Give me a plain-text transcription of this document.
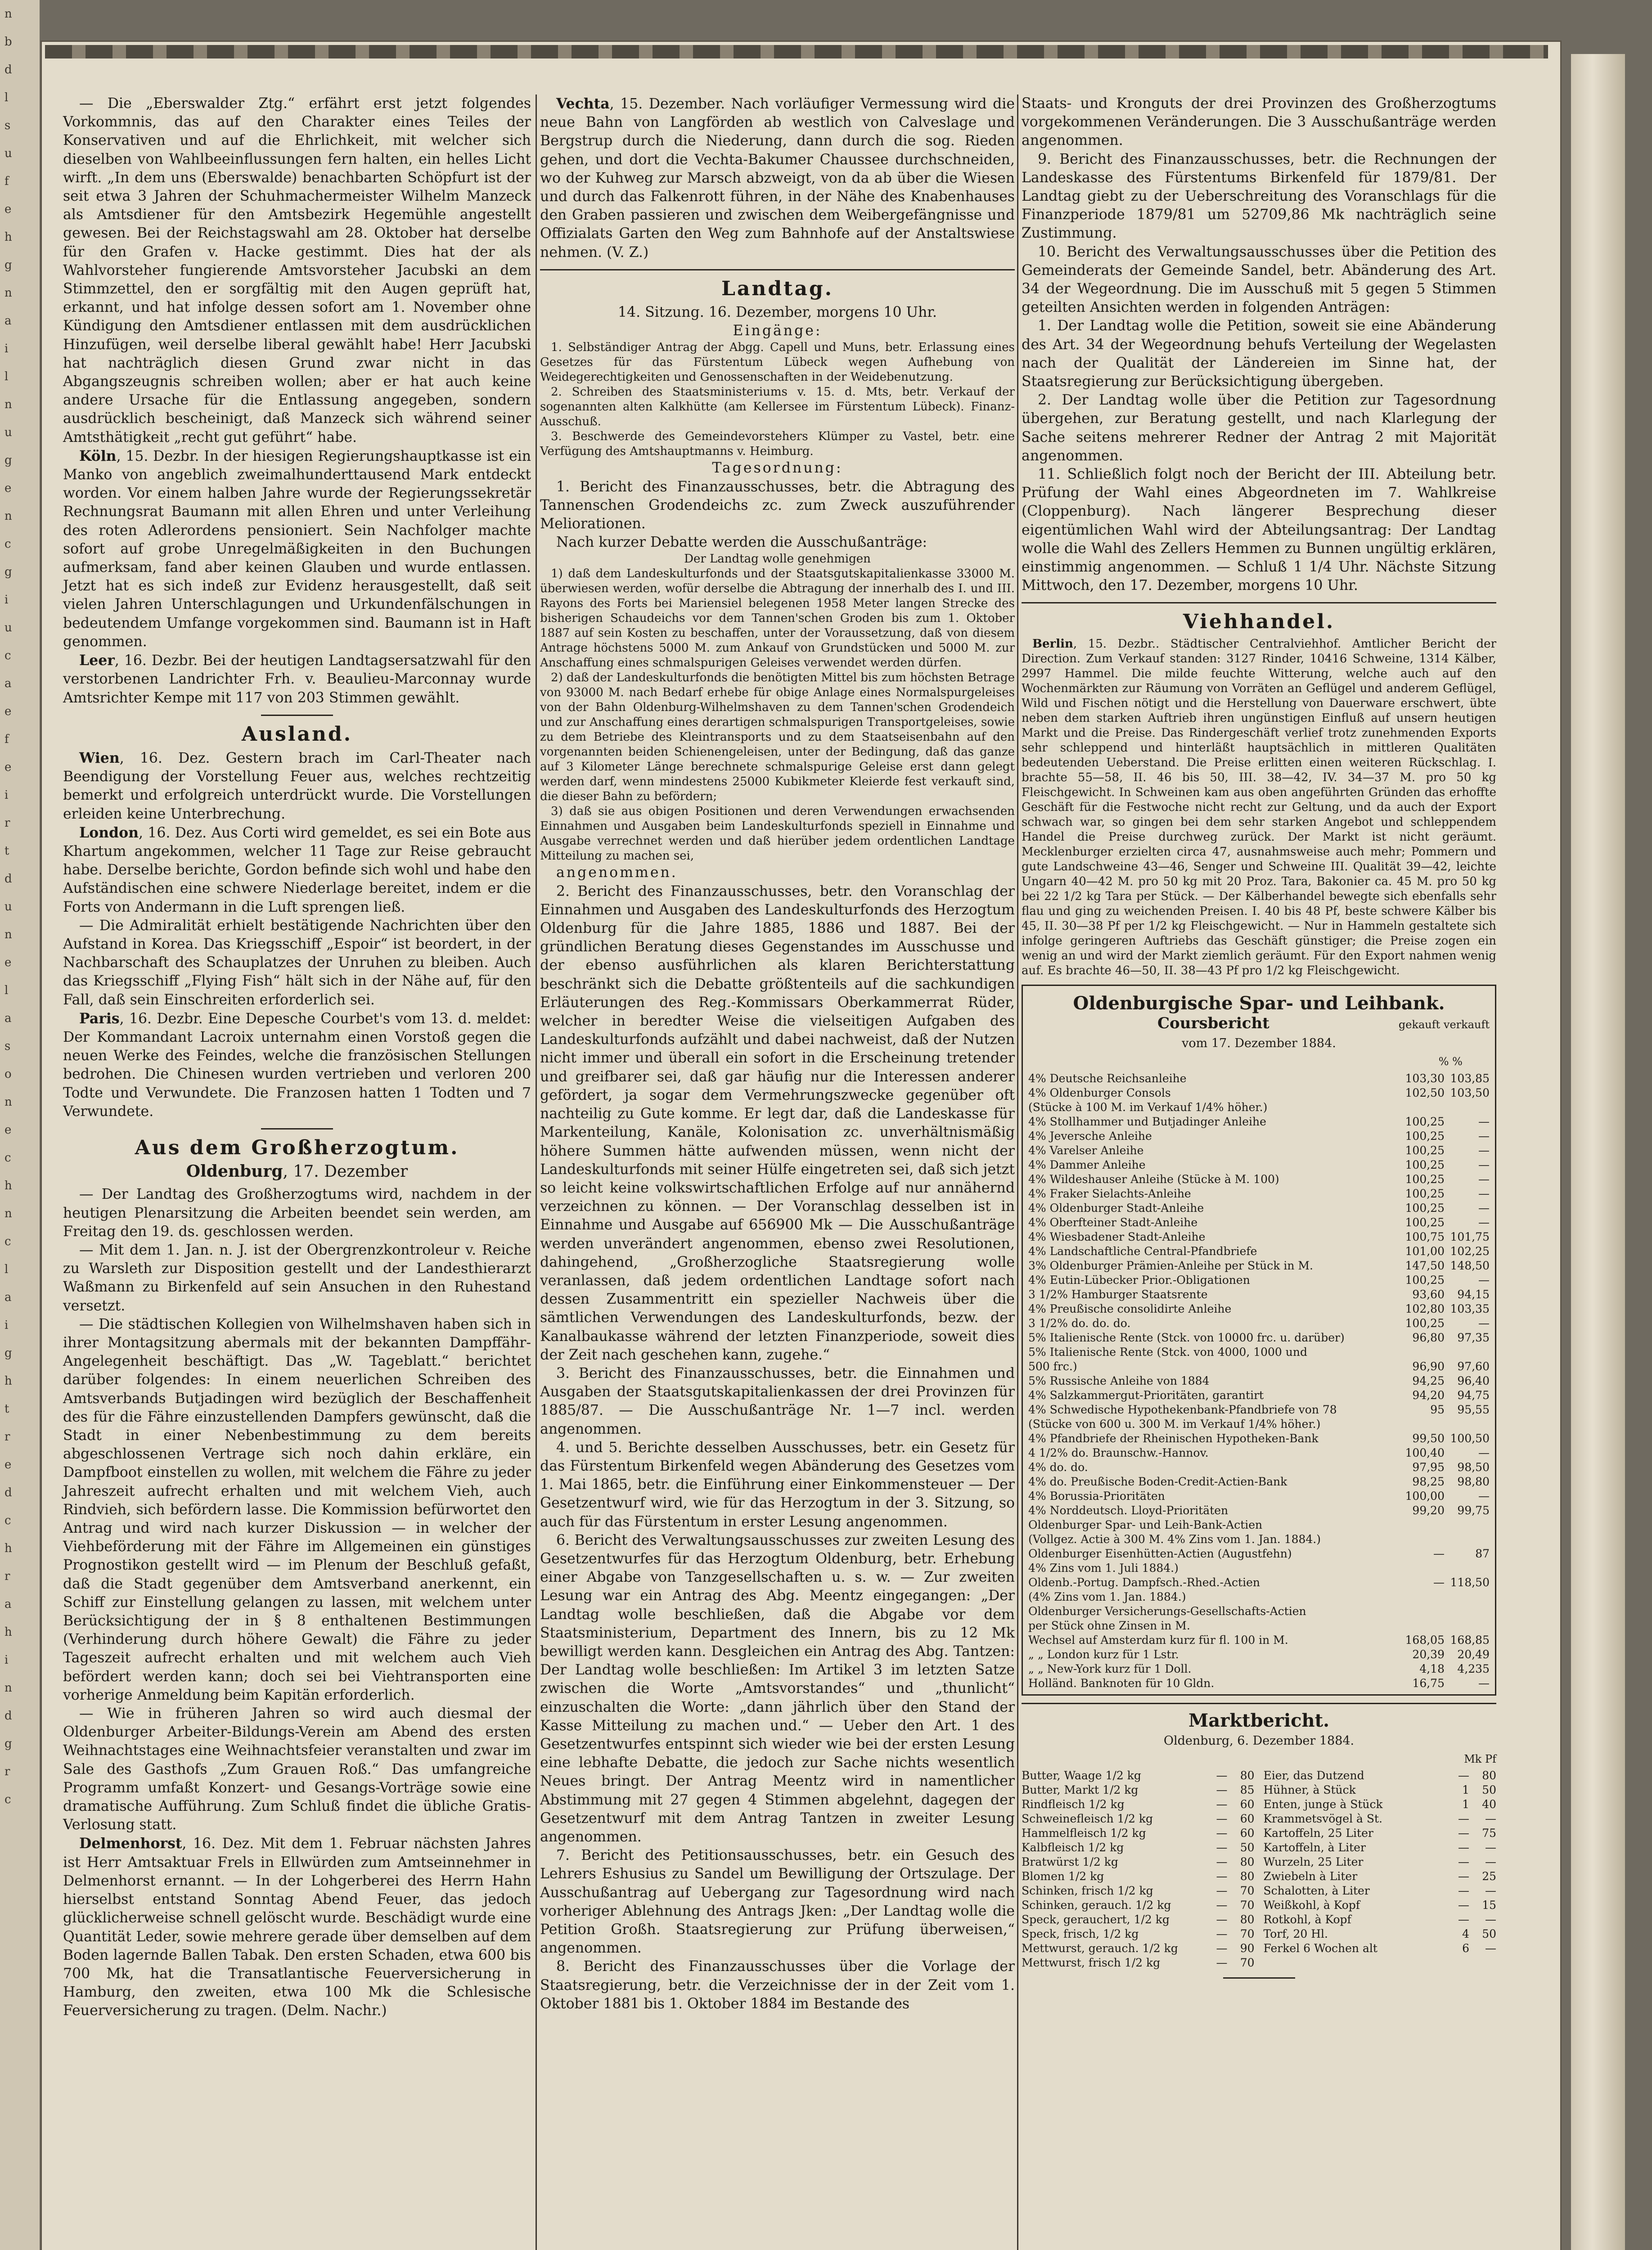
n
b
d
l
s
u
f
e
h
g
n
a
i
l
n
u
g
e
n
c
g
i
u
c
a
e
f
e
i
r
t
d
u
n
e
l
a
s
o
n
e
c
h
n
c
l
a
i
g
h
t
r
e
d
c
h
r
a
h
i
n
d
g
r
c

— Die „Eberswalder Ztg.“ erfährt erst jetzt folgendes Vorkommnis, das auf den Charakter eines Teiles der Konservativen und auf die Ehrlichkeit, mit welcher sich dieselben von Wahlbeeinflussungen fern halten, ein helles Licht wirft. „In dem uns (Eberswalde) benachbarten Schöpfurt ist der seit etwa 3 Jahren der Schuhmachermeister Wilhelm Manzeck als Amtsdiener für den Amtsbezirk Hegemühle angestellt gewesen. Bei der Reichstagswahl am 28. Oktober hat derselbe für den Grafen v. Hacke gestimmt. Dies hat der als Wahlvorsteher fungierende Amtsvorsteher Jacubski an dem Stimmzettel, den er sorgfältig mit den Augen geprüft hat, erkannt, und hat infolge dessen sofort am 1. November ohne Kündigung den Amtsdiener entlassen mit dem ausdrücklichen Hinzufügen, weil derselbe liberal gewählt habe! Herr Jacubski hat nachträglich diesen Grund zwar nicht in das Abgangszeugnis schreiben wollen; aber er hat auch keine andere Ursache für die Entlassung angegeben, sondern ausdrücklich bescheinigt, daß Manzeck sich während seiner Amtsthätigkeit „recht gut geführt“ habe.

Köln, 15. Dezbr. In der hiesigen Regierungshauptkasse ist ein Manko von angeblich zweimalhunderttausend Mark entdeckt worden. Vor einem halben Jahre wurde der Regierungssekretär Rechnungsrat Baumann mit allen Ehren und unter Verleihung des roten Adlerordens pensioniert. Sein Nachfolger machte sofort auf grobe Unregelmäßigkeiten in den Buchungen aufmerksam, fand aber keinen Glauben und wurde entlassen. Jetzt hat es sich indeß zur Evidenz herausgestellt, daß seit vielen Jahren Unterschlagungen und Urkundenfälschungen in bedeutendem Umfange vorgekommen sind. Baumann ist in Haft genommen.

Leer, 16. Dezbr. Bei der heutigen Landtagsersatzwahl für den verstorbenen Landrichter Frh. v. Beaulieu-Marconnay wurde Amtsrichter Kempe mit 117 von 203 Stimmen gewählt.

Ausland.

Wien, 16. Dez. Gestern brach im Carl-Theater nach Beendigung der Vorstellung Feuer aus, welches rechtzeitig bemerkt und erfolgreich unterdrückt wurde. Die Vorstellungen erleiden keine Unterbrechung.

London, 16. Dez. Aus Corti wird gemeldet, es sei ein Bote aus Khartum angekommen, welcher 11 Tage zur Reise gebraucht habe. Derselbe berichte, Gordon befinde sich wohl und habe den Aufständischen eine schwere Niederlage bereitet, indem er die Forts von Andermann in die Luft sprengen ließ.

— Die Admiralität erhielt bestätigende Nachrichten über den Aufstand in Korea. Das Kriegsschiff „Espoir“ ist beordert, in der Nachbarschaft des Schauplatzes der Unruhen zu bleiben. Auch das Kriegsschiff „Flying Fish“ hält sich in der Nähe auf, für den Fall, daß sein Einschreiten erforderlich sei.

Paris, 16. Dezbr. Eine Depesche Courbet's vom 13. d. meldet: Der Kommandant Lacroix unternahm einen Vorstoß gegen die neuen Werke des Feindes, welche die französischen Stellungen bedrohen. Die Chinesen wurden vertrieben und verloren 200 Todte und Verwundete. Die Franzosen hatten 1 Todten und 7 Verwundete.

Aus dem Großherzogtum.
Oldenburg, 17. Dezember

— Der Landtag des Großherzogtums wird, nachdem in der heutigen Plenarsitzung die Arbeiten beendet sein werden, am Freitag den 19. ds. geschlossen werden.

— Mit dem 1. Jan. n. J. ist der Obergrenzkontroleur v. Reiche zu Warsleth zur Disposition gestellt und der Landesthierarzt Waßmann zu Birkenfeld auf sein Ansuchen in den Ruhestand versetzt.

— Die städtischen Kollegien von Wilhelmshaven haben sich in ihrer Montagsitzung abermals mit der bekannten Dampffähr-Angelegenheit beschäftigt. Das „W. Tageblatt.“ berichtet darüber folgendes: In einem neuerlichen Schreiben des Amtsverbands Butjadingen wird bezüglich der Beschaffenheit des für die Fähre einzustellenden Dampfers gewünscht, daß die Stadt in einer Nebenbestimmung zu dem bereits abgeschlossenen Vertrage sich noch dahin erkläre, ein Dampfboot einstellen zu wollen, mit welchem die Fähre zu jeder Jahreszeit aufrecht erhalten und mit welchem Vieh, auch Rindvieh, sich befördern lasse. Die Kommission befürwortet den Antrag und wird nach kurzer Diskussion — in welcher der Viehbeförderung mit der Fähre im Allgemeinen ein günstiges Prognostikon gestellt wird — im Plenum der Beschluß gefaßt, daß die Stadt gegenüber dem Amtsverband anerkennt, ein Schiff zur Einstellung gelangen zu lassen, mit welchem unter Berücksichtigung der in § 8 enthaltenen Bestimmungen (Verhinderung durch höhere Gewalt) die Fähre zu jeder Tageszeit aufrecht erhalten und mit welchem auch Vieh befördert werden kann; doch sei bei Viehtransporten eine vorherige Anmeldung beim Kapitän erforderlich.

— Wie in früheren Jahren so wird auch diesmal der Oldenburger Arbeiter-Bildungs-Verein am Abend des ersten Weihnachtstages eine Weihnachtsfeier veranstalten und zwar im Sale des Gasthofs „Zum Grauen Roß.“ Das umfangreiche Programm umfaßt Konzert- und Gesangs-Vorträge sowie eine dramatische Aufführung. Zum Schluß findet die übliche Gratis-Verlosung statt.

Delmenhorst, 16. Dez. Mit dem 1. Februar nächsten Jahres ist Herr Amtsaktuar Frels in Ellwürden zum Amtseinnehmer in Delmenhorst ernannt. — In der Lohgerberei des Herrn Hahn hierselbst entstand Sonntag Abend Feuer, das jedoch glücklicherweise schnell gelöscht wurde. Beschädigt wurde eine Quantität Leder, sowie mehrere gerade über demselben auf dem Boden lagernde Ballen Tabak. Den ersten Schaden, etwa 600 bis 700 Mk, hat die Transatlantische Feuerversicherung in Hamburg, den zweiten, etwa 100 Mk die Schlesische Feuerversicherung zu tragen. (Delm. Nachr.)

Vechta, 15. Dezember. Nach vorläufiger Vermessung wird die neue Bahn von Langförden ab westlich von Calveslage und Bergstrup durch die Niederung, dann durch die sog. Rieden gehen, und dort die Vechta-Bakumer Chaussee durchschneiden, wo der Kuhweg zur Marsch abzweigt, von da ab über die Wiesen und durch das Falkenrott führen, in der Nähe des Knabenhauses den Graben passieren und zwischen dem Weibergefängnisse und Offizialats Garten den Weg zum Bahnhofe auf der Anstaltswiese nehmen. (V. Z.)

Landtag.

14. Sitzung. 16. Dezember, morgens 10 Uhr.

Eingänge:

1. Selbständiger Antrag der Abgg. Capell und Muns, betr. Erlassung eines Gesetzes für das Fürstentum Lübeck wegen Aufhebung von Weidegerechtigkeiten und Genossenschaften in der Weidebenutzung.

2. Schreiben des Staatsministeriums v. 15. d. Mts, betr. Verkauf der sogenannten alten Kalkhütte (am Kellersee im Fürstentum Lübeck). Finanz-Ausschuß.

3. Beschwerde des Gemeindevorstehers Klümper zu Vastel, betr. eine Verfügung des Amtshauptmanns v. Heimburg.

Tagesordnung:

1. Bericht des Finanzausschusses, betr. die Abtragung des Tannenschen Grodendeichs zc. zum Zweck auszuführender Meliorationen.

Nach kurzer Debatte werden die Ausschußanträge:

Der Landtag wolle genehmigen

1) daß dem Landeskulturfonds und der Staatsgutskapitalienkasse 33000 M. überwiesen werden, wofür derselbe die Abtragung der innerhalb des I. und III. Rayons des Forts bei Mariensiel belegenen 1958 Meter langen Strecke des bisherigen Schaudeichs vor dem Tannen'schen Groden bis zum 1. Oktober 1887 auf sein Kosten zu beschaffen, unter der Voraussetzung, daß von diesem Antrage höchstens 5000 M. zum Ankauf von Grundstücken und 5000 M. zur Anschaffung eines schmalspurigen Geleises verwendet werden dürfen.

2) daß der Landeskulturfonds die benötigten Mittel bis zum höchsten Betrage von 93000 M. nach Bedarf erhebe für obige Anlage eines Normalspurgeleises von der Bahn Oldenburg-Wilhelmshaven zu dem Tannen'schen Grodendeich und zur Anschaffung eines derartigen schmalspurigen Transportgeleises, sowie zu dem Betriebe des Kleintransports und zu dem Staatseisenbahn auf den vorgenannten beiden Schienengeleisen, unter der Bedingung, daß das ganze auf 3 Kilometer Länge berechnete schmalspurige Geleise erst dann gelegt werden darf, wenn mindestens 25000 Kubikmeter Kleierde fest verkauft sind, die dieser Bahn zu befördern;

3) daß sie aus obigen Positionen und deren Verwendungen erwachsenden Einnahmen und Ausgaben beim Landeskulturfonds speziell in Einnahme und Ausgabe verrechnet werden und daß hierüber jedem ordentlichen Landtage Mitteilung zu machen sei,

angenommen.

2. Bericht des Finanzausschusses, betr. den Voranschlag der Einnahmen und Ausgaben des Landeskulturfonds des Herzogtum Oldenburg für die Jahre 1885, 1886 und 1887. Bei der gründlichen Beratung dieses Gegenstandes im Ausschusse und der ebenso ausführlichen als klaren Berichterstattung beschränkt sich die Debatte größtenteils auf die sachkundigen Erläuterungen des Reg.-Kommissars Oberkammerrat Rüder, welcher in beredter Weise die vielseitigen Aufgaben des Landeskulturfonds aufzählt und dabei nachweist, daß der Nutzen nicht immer und überall ein sofort in die Erscheinung tretender und greifbarer sei, daß gar häufig nur die Interessen anderer gefördert, ja sogar dem Vermehrungszwecke gegenüber oft nachteilig zu Gute komme. Er legt dar, daß die Landeskasse für Markenteilung, Kanäle, Kolonisation zc. unverhältnismäßig höhere Summen hätte aufwenden müssen, wenn nicht der Landeskulturfonds mit seiner Hülfe eingetreten sei, daß sich jetzt so leicht keine volkswirtschaftlichen Erfolge auf nur annähernd verzeichnen zu können. — Der Voranschlag desselben ist in Einnahme und Ausgabe auf 656900 Mk — Die Ausschußanträge werden unverändert angenommen, ebenso zwei Resolutionen, dahingehend, „Großherzogliche Staatsregierung wolle veranlassen, daß jedem ordentlichen Landtage sofort nach dessen Zusammentritt ein spezieller Nachweis über die sämtlichen Verwendungen des Landeskulturfonds, bezw. der Kanalbaukasse während der letzten Finanzperiode, soweit dies der Zeit nach geschehen kann, zugehe.“

3. Bericht des Finanzausschusses, betr. die Einnahmen und Ausgaben der Staatsgutskapitalienkassen der drei Provinzen für 1885/87. — Die Ausschußanträge Nr. 1—7 incl. werden angenommen.

4. und 5. Berichte desselben Ausschusses, betr. ein Gesetz für das Fürstentum Birkenfeld wegen Abänderung des Gesetzes vom 1. Mai 1865, betr. die Einführung einer Einkommensteuer — Der Gesetzentwurf wird, wie für das Herzogtum in der 3. Sitzung, so auch für das Fürstentum in erster Lesung angenommen.

6. Bericht des Verwaltungsausschusses zur zweiten Lesung des Gesetzentwurfes für das Herzogtum Oldenburg, betr. Erhebung einer Abgabe von Tanzgesellschaften u. s. w. — Zur zweiten Lesung war ein Antrag des Abg. Meentz eingegangen: „Der Landtag wolle beschließen, daß die Abgabe vor dem Staatsministerium, Department des Innern, bis zu 12 Mk bewilligt werden kann. Desgleichen ein Antrag des Abg. Tantzen: Der Landtag wolle beschließen: Im Artikel 3 im letzten Satze zwischen die Worte „Amtsvorstandes“ und „thunlicht“ einzuschalten die Worte: „dann jährlich über den Stand der Kasse Mitteilung zu machen und.“ — Ueber den Art. 1 des Gesetzentwurfes entspinnt sich wieder wie bei der ersten Lesung eine lebhafte Debatte, die jedoch zur Sache nichts wesentlich Neues bringt. Der Antrag Meentz wird in namentlicher Abstimmung mit 27 gegen 4 Stimmen abgelehnt, dagegen der Gesetzentwurf mit dem Antrag Tantzen in zweiter Lesung angenommen.

7. Bericht des Petitionsausschusses, betr. ein Gesuch des Lehrers Eshusius zu Sandel um Bewilligung der Ortszulage. Der Ausschußantrag auf Uebergang zur Tagesordnung wird nach vorheriger Ablehnung des Antrags Jken: „Der Landtag wolle die Petition Großh. Staatsregierung zur Prüfung überweisen,“ angenommen.

8. Bericht des Finanzausschusses über die Vorlage der Staatsregierung, betr. die Verzeichnisse der in der Zeit vom 1. Oktober 1881 bis 1. Oktober 1884 im Bestande des

Staats- und Kronguts der drei Provinzen des Großherzogtums vorgekommenen Veränderungen. Die 3 Ausschußanträge werden angenommen.

9. Bericht des Finanzausschusses, betr. die Rechnungen der Landeskasse des Fürstentums Birkenfeld für 1879/81. Der Landtag giebt zu der Ueberschreitung des Voranschlags für die Finanzperiode 1879/81 um 52709,86 Mk nachträglich seine Zustimmung.

10. Bericht des Verwaltungsausschusses über die Petition des Gemeinderats der Gemeinde Sandel, betr. Abänderung des Art. 34 der Wegeordnung. Die im Ausschuß mit 5 gegen 5 Stimmen geteilten Ansichten werden in folgenden Anträgen:

1. Der Landtag wolle die Petition, soweit sie eine Abänderung des Art. 34 der Wegeordnung behufs Verteilung der Wegelasten nach der Qualität der Ländereien im Sinne hat, der Staatsregierung zur Berücksichtigung übergeben.

2. Der Landtag wolle über die Petition zur Tagesordnung übergehen, zur Beratung gestellt, und nach Klarlegung der Sache seitens mehrerer Redner der Antrag 2 mit Majorität angenommen.

11. Schließlich folgt noch der Bericht der III. Abteilung betr. Prüfung der Wahl eines Abgeordneten im 7. Wahlkreise (Cloppenburg). Nach längerer Besprechung dieser eigentümlichen Wahl wird der Abteilungsantrag: Der Landtag wolle die Wahl des Zellers Hemmen zu Bunnen ungültig erklären, einstimmig angenommen. — Schluß 1 1/4 Uhr. Nächste Sitzung Mittwoch, den 17. Dezember, morgens 10 Uhr.

Viehhandel.

Berlin, 15. Dezbr.. Städtischer Centralviehhof. Amtlicher Bericht der Direction. Zum Verkauf standen: 3127 Rinder, 10416 Schweine, 1314 Kälber, 2997 Hammel. Die milde feuchte Witterung, welche auch auf den Wochenmärkten zur Räumung von Vorräten an Geflügel und anderem Geflügel, Wild und Fischen nötigt und die Herstellung von Dauerware erschwert, übte neben dem starken Auftrieb ihren ungünstigen Einfluß auf unsern heutigen Markt und die Preise. Das Rindergeschäft verlief trotz zunehmenden Exports sehr schleppend und hinterläßt hauptsächlich in mittleren Qualitäten bedeutenden Ueberstand. Die Preise erlitten einen weiteren Rückschlag. I. brachte 55—58, II. 46 bis 50, III. 38—42, IV. 34—37 M. pro 50 kg Fleischgewicht. In Schweinen kam aus oben angeführten Gründen das erhoffte Geschäft für die Festwoche nicht recht zur Geltung, und da auch der Export schwach war, so gingen bei dem sehr starken Angebot und schleppendem Handel die Preise durchweg zurück. Der Markt ist nicht geräumt. Mecklenburger erzielten circa 47, ausnahmsweise auch mehr; Pommern und gute Landschweine 43—46, Senger und Schweine III. Qualität 39—42, leichte Ungarn 40—42 M. pro 50 kg mit 20 Proz. Tara, Bakonier ca. 45 M. pro 50 kg bei 22 1/2 kg Tara per Stück. — Der Kälberhandel bewegte sich ebenfalls sehr flau und ging zu weichenden Preisen. I. 40 bis 48 Pf, beste schwere Kälber bis 45, II. 30—38 Pf per 1/2 kg Fleischgewicht. — Nur in Hammeln gestaltete sich infolge geringeren Auftriebs das Geschäft günstiger; die Preise zogen ein wenig an und wird der Markt ziemlich geräumt. Für den Export nahmen wenig auf. Es brachte 46—50, II. 38—43 Pf pro 1/2 kg Fleischgewicht.

Oldenburgische Spar- und Leihbank.
Coursbericht	gekauft verkauft
vom 17. Dezember 1884.
% %
4% Deutsche Reichsanleihe	103,30 103,85
4% Oldenburger Consols	102,50 103,50
(Stücke à 100 M. im Verkauf 1/4% höher.)
4% Stollhammer und Butjadinger Anleihe	100,25	—
4% Jeversche Anleihe	100,25	—
4% Varelser Anleihe	100,25	—
4% Dammer Anleihe	100,25	—
4% Wildeshauser Anleihe (Stücke à M. 100)	100,25	—
4% Fraker Sielachts-Anleihe	100,25	—
4% Oldenburger Stadt-Anleihe	100,25	—
4% Oberfteiner Stadt-Anleihe	100,25	—
4% Wiesbadener Stadt-Anleihe	100,75 101,75
4% Landschaftliche Central-Pfandbriefe	101,00 102,25
3% Oldenburger Prämien-Anleihe per Stück in M.	147,50 148,50
4% Eutin-Lübecker Prior.-Obligationen	100,25	—
3 1/2% Hamburger Staatsrente	93,60	94,15
4% Preußische consolidirte Anleihe	102,80 103,35
3 1/2% do. do. do.	100,25	—
5% Italienische Rente (Stck. von 10000 frc. u. darüber)	96,80	97,35
5% Italienische Rente (Stck. von 4000, 1000 und
500 frc.)	96,90	97,60
5% Russische Anleihe von 1884	94,25	96,40
4% Salzkammergut-Prioritäten, garantirt	94,20	94,75
4% Schwedische Hypothekenbank-Pfandbriefe von 78	95	95,55
(Stücke von 600 u. 300 M. im Verkauf 1/4% höher.)
4% Pfandbriefe der Rheinischen Hypotheken-Bank	99,50 100,50
4 1/2% do. Braunschw.-Hannov.	100,40	—
4% do. do.	97,95	98,50
4% do. Preußische Boden-Credit-Actien-Bank	98,25	98,80
4% Borussia-Prioritäten	100,00	—
4% Norddeutsch. Lloyd-Prioritäten	99,20	99,75
Oldenburger Spar- und Leih-Bank-Actien
(Vollgez. Actie à 300 M. 4% Zins vom 1. Jan. 1884.)
Oldenburger Eisenhütten-Actien (Augustfehn)	—	87
4% Zins vom 1. Juli 1884.)
Oldenb.-Portug. Dampfsch.-Rhed.-Actien	— 118,50
(4% Zins vom 1. Jan. 1884.)
Oldenburger Versicherungs-Gesellschafts-Actien
per Stück ohne Zinsen in M.
Wechsel auf Amsterdam kurz für fl. 100 in M.	168,05 168,85
„ „ London kurz für 1 Lstr.	20,39	20,49
„ „ New-York kurz für 1 Doll.	4,18	4,235
Holländ. Banknoten für 10 Gldn.	16,75	—
Marktbericht.
Oldenburg, 6. Dezember 1884.
Mk Pf
Butter, Waage 1/2 kg	—	80
Butter, Markt 1/2 kg	—	85
Rindfleisch 1/2 kg	—	60
Schweinefleisch 1/2 kg	—	60
Hammelfleisch 1/2 kg	—	60
Kalbfleisch 1/2 kg	—	50
Bratwürst 1/2 kg	—	80
Blomen 1/2 kg	—	80
Schinken, frisch 1/2 kg	—	70
Schinken, gerauch. 1/2 kg	—	70
Speck, gerauchert, 1/2 kg	—	80
Speck, frisch, 1/2 kg	—	70
Mettwurst, gerauch. 1/2 kg	—	90
Mettwurst, frisch 1/2 kg	—	70
Eier, das Dutzend	—	80
Hühner, à Stück	1	50
Enten, junge à Stück	1	40
Krammetsvögel à St.	—	—
Kartoffeln, 25 Liter	—	75
Kartoffeln, à Liter	—	—
Wurzeln, 25 Liter	—	—
Zwiebeln à Liter	—	25
Schalotten, à Liter	—	—
Weißkohl, à Kopf	—	15
Rotkohl, à Kopf	—	—
Torf, 20 Hl.	4	50
Ferkel 6 Wochen alt	6	—
